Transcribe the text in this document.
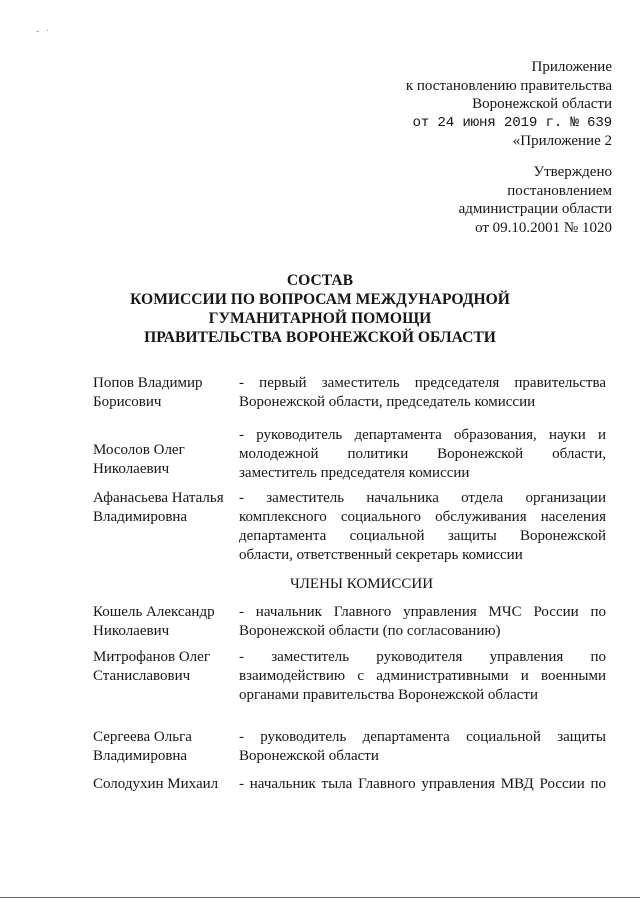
- ·
Приложение
к постановлению правительства
Воронежской области
от 24 июня 2019 г. № 639
«Приложение 2
Утверждено
постановлением
администрации области
от 09.10.2001 № 1020
СОСТАВ
КОМИССИИ ПО ВОПРОСАМ МЕЖДУНАРОДНОЙ
ГУМАНИТАРНОЙ ПОМОЩИ
ПРАВИТЕЛЬСТВА ВОРОНЕЖСКОЙ ОБЛАСТИ
Попов Владимир
Борисович
- первый заместитель председателя правительства
Воронежской области, председатель комиссии
Мосолов Олег
Николаевич
- руководитель департамента образования, науки и
молодежной политики Воронежской области,
заместитель председателя комиссии
Афанасьева Наталья
Владимировна
- заместитель начальника отдела организации
комплексного социального обслуживания населения
департамента социальной защиты Воронежской
области, ответственный секретарь комиссии
ЧЛЕНЫ КОМИССИИ
Кошель Александр
Николаевич
- начальник Главного управления МЧС России по
Воронежской области (по согласованию)
Митрофанов Олег
Станиславович
- заместитель руководителя управления по
взаимодействию с административными и военными
органами правительства Воронежской области
Сергеева Ольга
Владимировна
- руководитель департамента социальной защиты
Воронежской области
Солодухин Михаил - начальник тыла Главного управления МВД России по
